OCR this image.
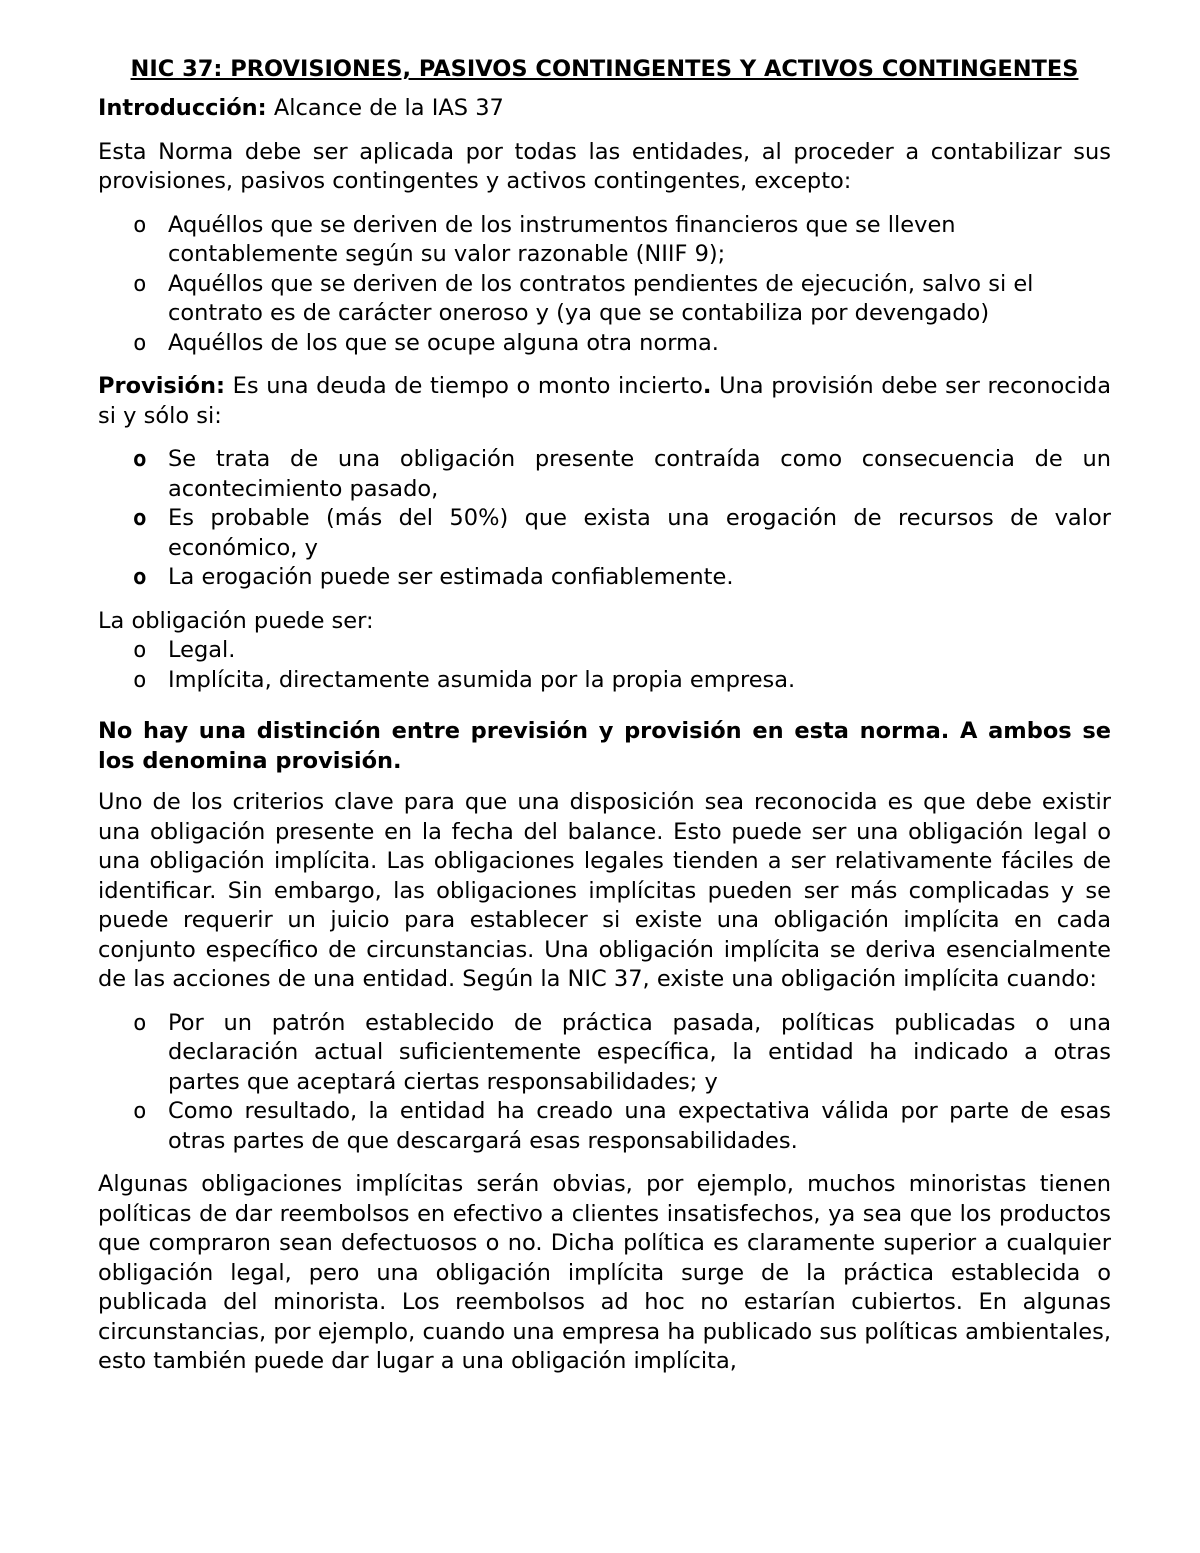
NIC 37: PROVISIONES, PASIVOS CONTINGENTES Y ACTIVOS CONTINGENTES

Introducción: Alcance de la IAS 37

Esta Norma debe ser aplicada por todas las entidades, al proceder a contabilizar sus provisiones, pasivos contingentes y activos contingentes, excepto:

o Aquéllos que se deriven de los instrumentos financieros que se lleven contablemente según su valor razonable (NIIF 9);
o Aquéllos que se deriven de los contratos pendientes de ejecución, salvo si el contrato es de carácter oneroso y (ya que se contabiliza por devengado)
o Aquéllos de los que se ocupe alguna otra norma.

Provisión: Es una deuda de tiempo o monto incierto. Una provisión debe ser reconocida si y sólo si:

o Se trata de una obligación presente contraída como consecuencia de un acontecimiento pasado,
o Es probable (más del 50%) que exista una erogación de recursos de valor económico, y
o La erogación puede ser estimada confiablemente.

La obligación puede ser:

o Legal.
o Implícita, directamente asumida por la propia empresa.

No hay una distinción entre previsión y provisión en esta norma. A ambos se los denomina provisión.

Uno de los criterios clave para que una disposición sea reconocida es que debe existir una obligación presente en la fecha del balance. Esto puede ser una obligación legal o una obligación implícita. Las obligaciones legales tienden a ser relativamente fáciles de identificar. Sin embargo, las obligaciones implícitas pueden ser más complicadas y se puede requerir un juicio para establecer si existe una obligación implícita en cada conjunto específico de circunstancias. Una obligación implícita se deriva esencialmente de las acciones de una entidad. Según la NIC 37, existe una obligación implícita cuando:

o Por un patrón establecido de práctica pasada, políticas publicadas o una declaración actual suficientemente específica, la entidad ha indicado a otras partes que aceptará ciertas responsabilidades; y
o Como resultado, la entidad ha creado una expectativa válida por parte de esas otras partes de que descargará esas responsabilidades.

Algunas obligaciones implícitas serán obvias, por ejemplo, muchos minoristas tienen políticas de dar reembolsos en efectivo a clientes insatisfechos, ya sea que los productos que compraron sean defectuosos o no. Dicha política es claramente superior a cualquier obligación legal, pero una obligación implícita surge de la práctica establecida o publicada del minorista. Los reembolsos ad hoc no estarían cubiertos. En algunas circunstancias, por ejemplo, cuando una empresa ha publicado sus políticas ambientales, esto también puede dar lugar a una obligación implícita,
